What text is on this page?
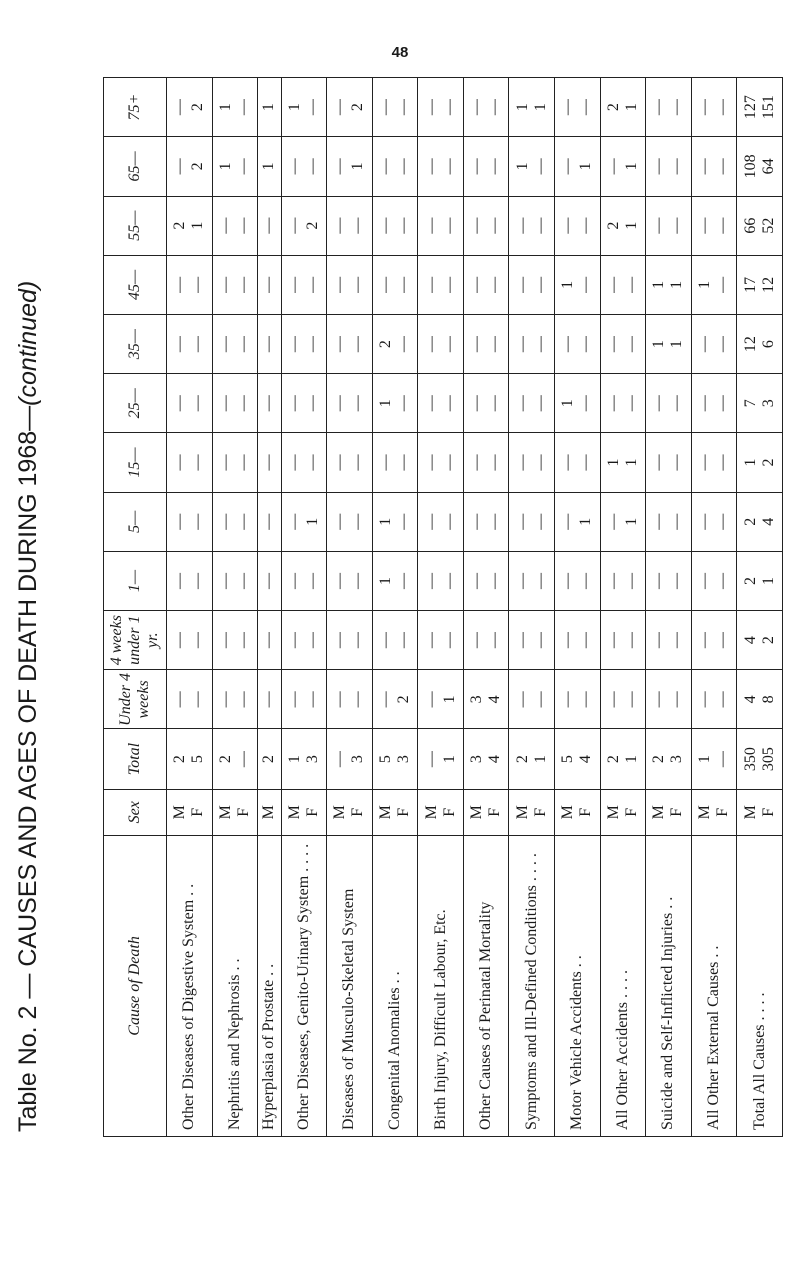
48
Table No. 2 — CAUSES AND AGES OF DEATH DURING 1968—(continued)
Cause of Death	Sex	Total	Under 4 weeks	4 weeks under 1 yr.	1—	5—	15—	25—	35—	45—	55—	65—	75+
Other Diseases of Digestive System . .	M F	2 5	— —	— —	— —	— —	— —	— —	— —	— —	2 1	— 2	— 2

Nephritis and Nephrosis . .	M F	2 —	— —	— —	— —	— —	— —	— —	— —	— —	— —	1 —	1 —

Hyperplasia of Prostate . .	M	2	—	—	—	—	—	—	—	—	—	1	1

Other Diseases, Genito-Urinary System . . . .	M F	1 3	— —	— —	— —	— 1	— —	— —	— —	— —	— 2	— —	1 —

Diseases of Musculo-Skeletal System	M F	— 3	— —	— —	— —	— —	— —	— —	— —	— —	— —	— 1	— 2

Congenital Anomalies . .	M F	5 3	— 2	— —	1 —	1 —	— —	1 —	2 —	— —	— —	— —	— —

Birth Injury, Difficult Labour, Etc.	M F	— 1	— 1	— —	— —	— —	— —	— —	— —	— —	— —	— —	— —

Other Causes of Perinatal Mortality	M F	3 4	3 4	— —	— —	— —	— —	— —	— —	— —	— —	— —	— —

Symptoms and Ill-Defined Conditions . . . .	M F	2 1	— —	— —	— —	— —	— —	— —	— —	— —	— —	1 —	1 1

Motor Vehicle Accidents . .	M F	5 4	— —	— —	— —	— 1	— —	1 —	— —	1 —	— —	— 1	— —

All Other Accidents . . . .	M F	2 1	— —	— —	— —	— 1	1 1	— —	— —	— —	2 1	— 1	2 1

Suicide and Self-Inflicted Injuries . .	M F	2 3	— —	— —	— —	— —	— —	— —	1 1	1 1	— —	— —	— —

All Other External Causes . .	M F	1 —	— —	— —	— —	— —	— —	— —	— —	1 —	— —	— —	— —

Total All Causes . . . .	M F	350 305	4 8	4 2	2 1	2 4	1 2	7 3	12 6	17 12	66 52	108 64	127 151
